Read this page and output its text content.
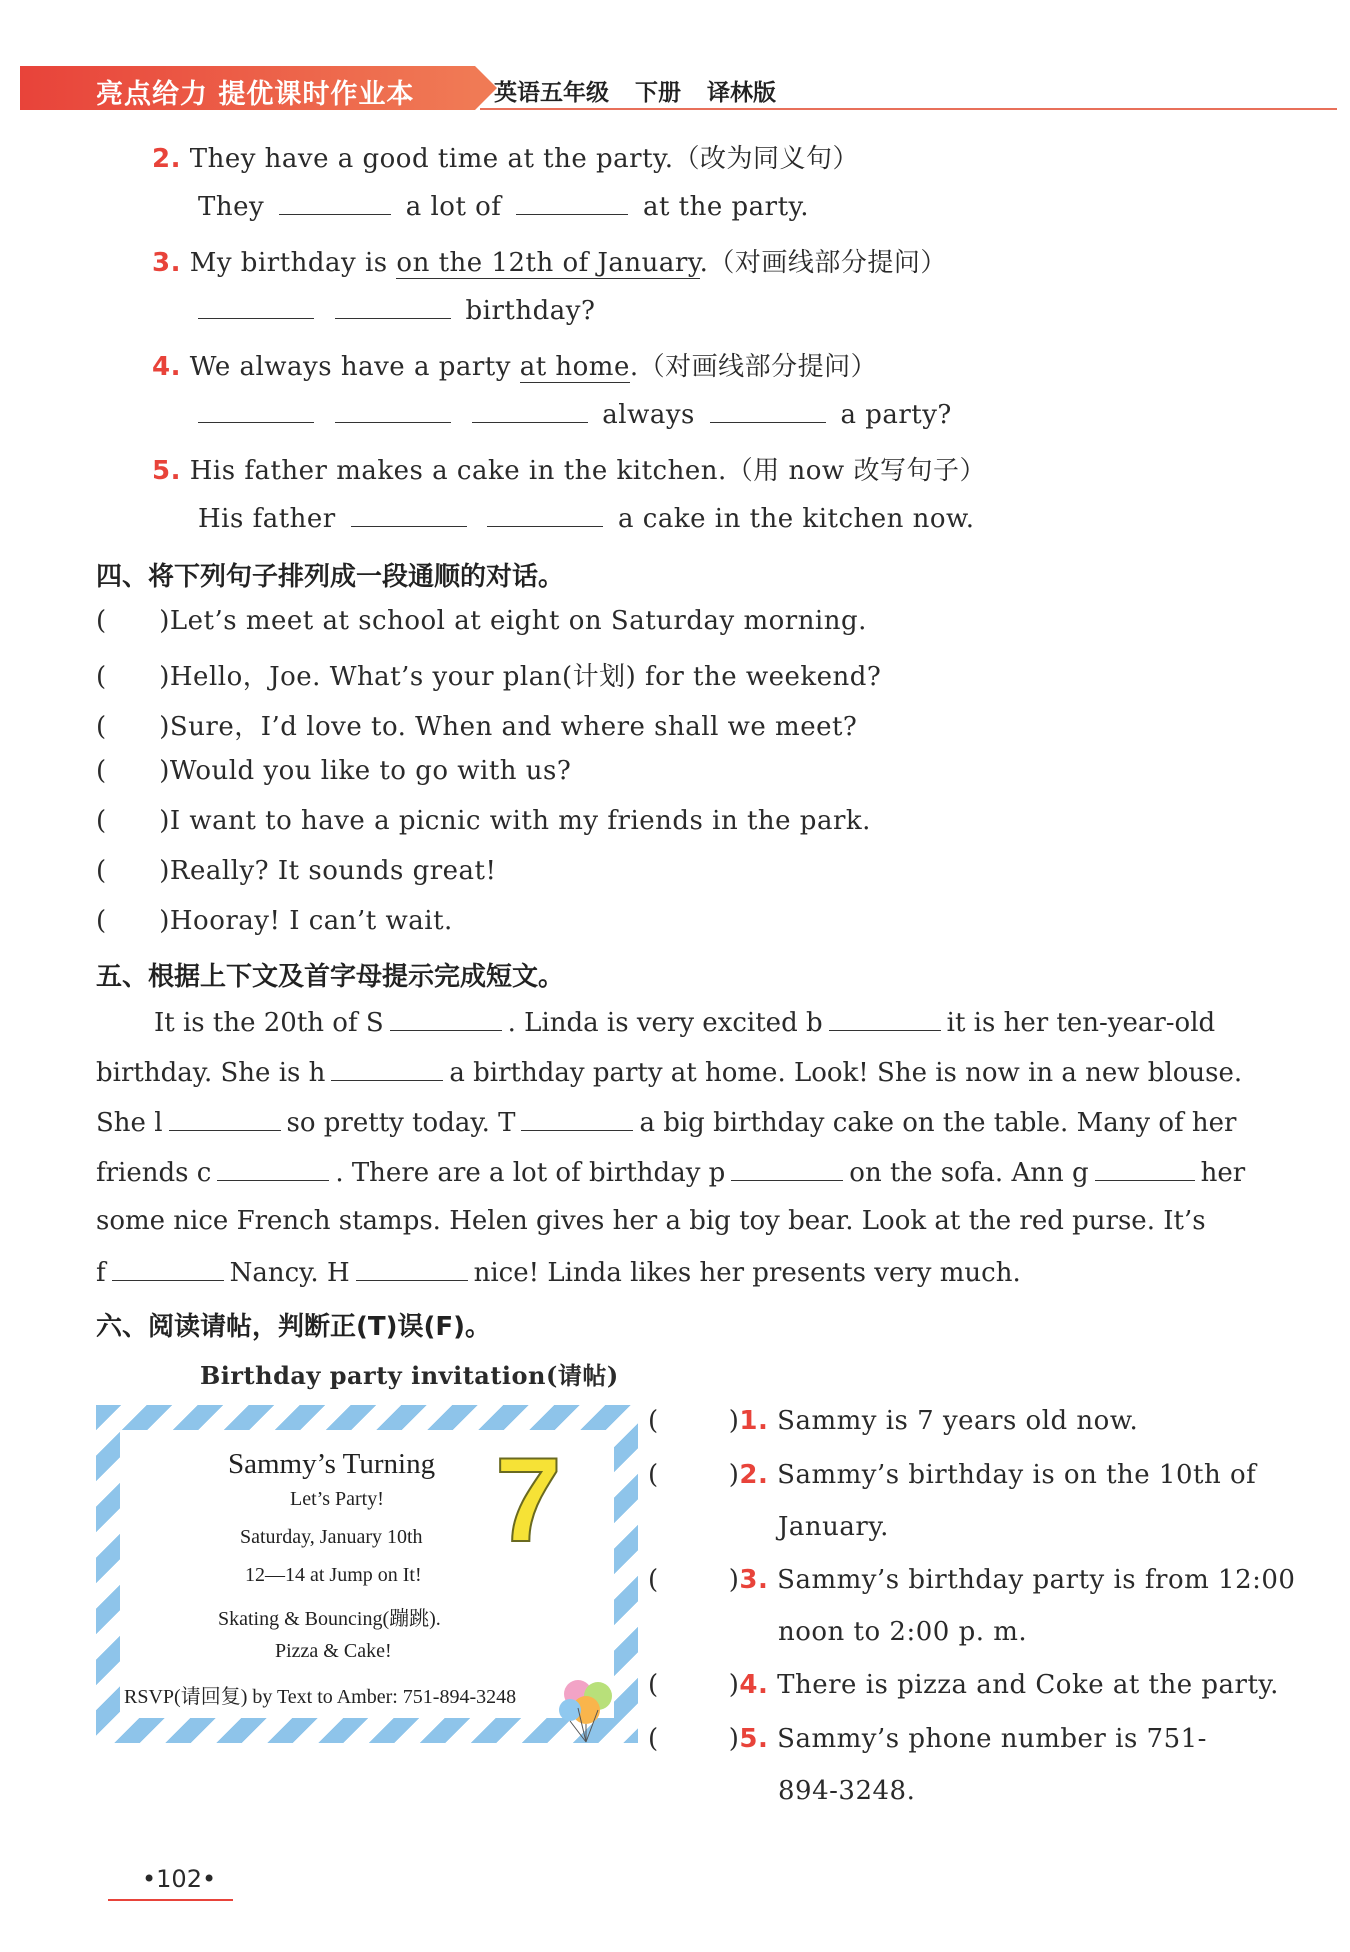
亮点给力 提优课时作业本	英语五年级 下册 译林版
2. They have a good time at the party.（改为同义句）
They	a lot of	at the party.
3. My birthday is on the 12th of January.（对画线部分提问）
birthday?
4. We always have a party at home.（对画线部分提问）
always	a party?
5. His father makes a cake in the kitchen.（用 now 改写句子）
His father	a cake in the kitchen now.
四、将下列句子排列成一段通顺的对话。
(      )Let’s meet at school at eight on Saturday morning.
(      )Hello，Joe. What’s your plan(计划) for the weekend?
(      )Sure，I’d love to. When and where shall we meet?
(      )Would you like to go with us?
(      )I want to have a picnic with my friends in the park.
(      )Really? It sounds great!
(      )Hooray! I can’t wait.
五、根据上下文及首字母提示完成短文。
It is the 20th of S	. Linda is very excited b	it is her ten-year-old
birthday. She is h	a birthday party at home. Look! She is now in a new blouse.
She l	so pretty today. T	a big birthday cake on the table. Many of her
friends c	. There are a lot of birthday p	on the sofa. Ann g	her
some nice French stamps. Helen gives her a big toy bear. Look at the red purse. It’s
f	Nancy. H	nice! Linda likes her presents very much.
六、阅读请帖，判断正(T)误(F)。
Birthday party invitation(请帖)
Sammy’s Turning 7
Let’s Party!
Saturday, January 10th
12—14 at Jump on It!
Skating & Bouncing(蹦跳).
Pizza & Cake!
RSVP(请回复) by Text to Amber: 751-894-3248
(        )1. Sammy is 7 years old now.
(        )2. Sammy’s birthday is on the 10th of
January.
(        )3. Sammy’s birthday party is from 12:00
noon to 2:00 p. m.
(        )4. There is pizza and Coke at the party.
(        )5. Sammy’s phone number is 751-
894-3248.
•102•
